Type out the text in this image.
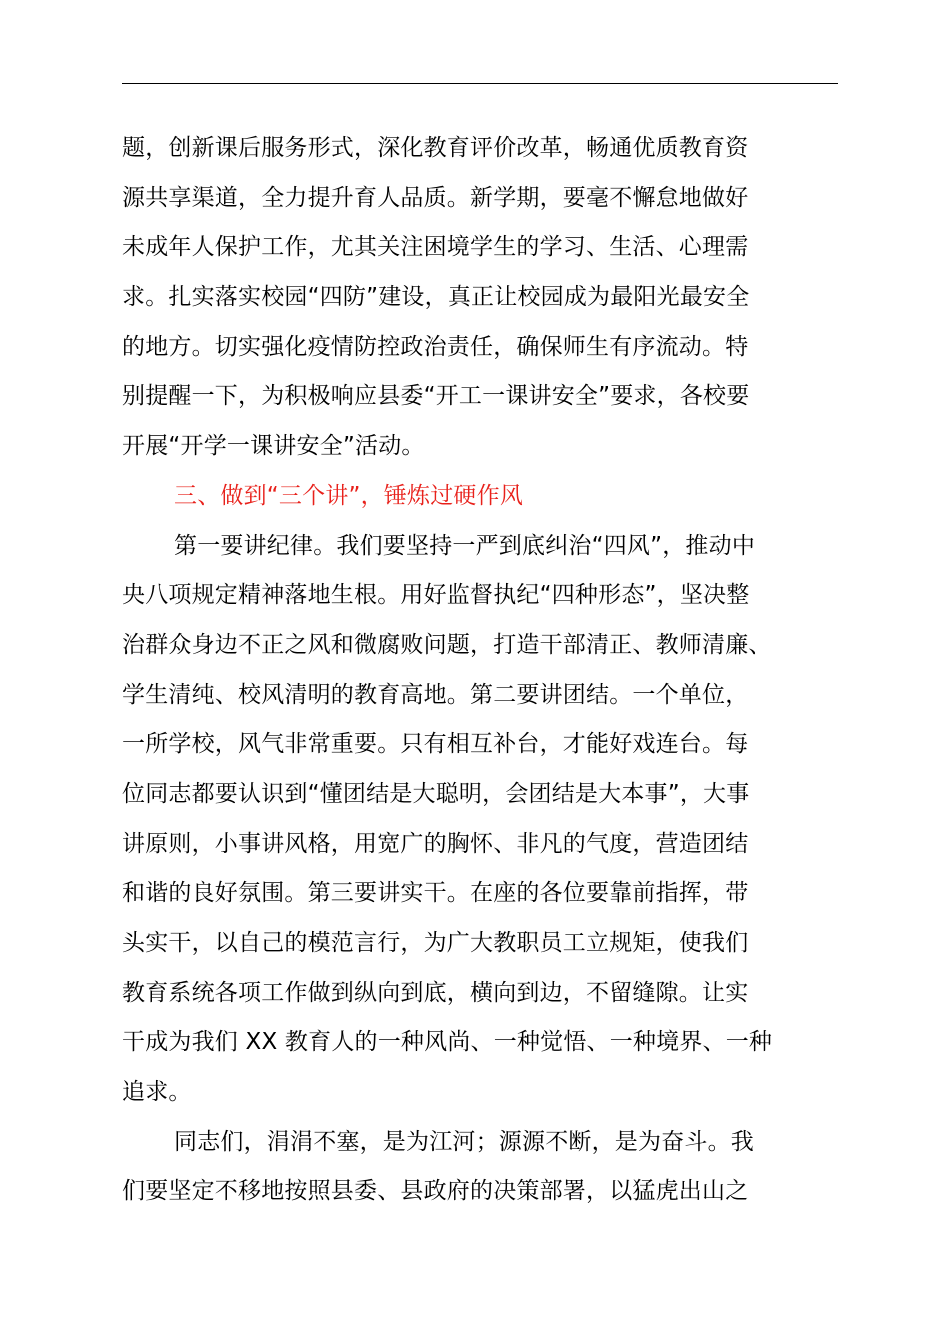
题，创新课后服务形式，深化教育评价改革，畅通优质教育资
源共享渠道，全力提升育人品质。新学期，要毫不懈怠地做好
未成年人保护工作，尤其关注困境学生的学习、生活、心理需
求。扎实落实校园“四防”建设，真正让校园成为最阳光最安全
的地方。切实强化疫情防控政治责任，确保师生有序流动。特
别提醒一下，为积极响应县委“开工一课讲安全”要求，各校要
开展“开学一课讲安全”活动。
三、做到“三个讲”，锤炼过硬作风
第一要讲纪律。我们要坚持一严到底纠治“四风”，推动中
央八项规定精神落地生根。用好监督执纪“四种形态”，坚决整
治群众身边不正之风和微腐败问题，打造干部清正、教师清廉、
学生清纯、校风清明的教育高地。第二要讲团结。一个单位，
一所学校，风气非常重要。只有相互补台，才能好戏连台。每
位同志都要认识到“懂团结是大聪明，会团结是大本事”，大事
讲原则，小事讲风格，用宽广的胸怀、非凡的气度，营造团结
和谐的良好氛围。第三要讲实干。在座的各位要靠前指挥，带
头实干，以自己的模范言行，为广大教职员工立规矩，使我们
教育系统各项工作做到纵向到底，横向到边，不留缝隙。让实
干成为我们 XX 教育人的一种风尚、一种觉悟、一种境界、一种
追求。
同志们，涓涓不塞，是为江河；源源不断，是为奋斗。我
们要坚定不移地按照县委、县政府的决策部署，以猛虎出山之
